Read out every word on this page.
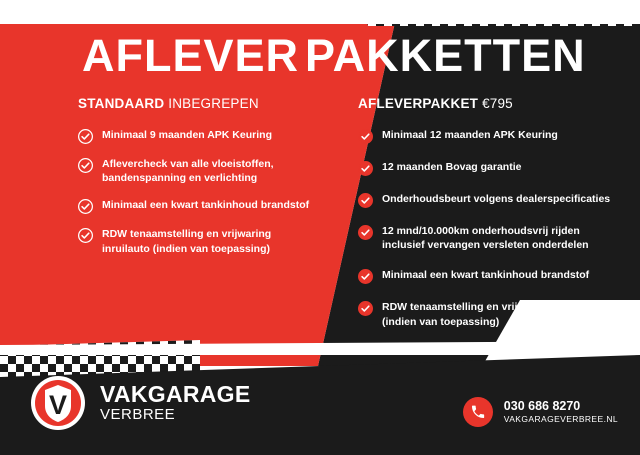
AFLEVER PAKKETTEN
STANDAARD INBEGREPEN
Minimaal 9 maanden APK Keuring
Aflevercheck van alle vloeistoffen, bandenspanning en verlichting
Minimaal een kwart tankinhoud brandstof
RDW tenaamstelling en vrijwaring inruilauto (indien van toepassing)
AFLEVERPAKKET €795
Minimaal 12 maanden APK Keuring
12 maanden Bovag garantie
Onderhoudsbeurt volgens dealerspecificaties
12 mnd/10.000km onderhoudsvrij rijden inclusief vervangen versleten onderdelen
Minimaal een kwart tankinhoud brandstof
RDW tenaamstelling en vrijwaring inruilauto (indien van toepassing)
V VAKGARAGE
VERBREE
030 686 8270
VAKGARAGEVERBREE.NL
